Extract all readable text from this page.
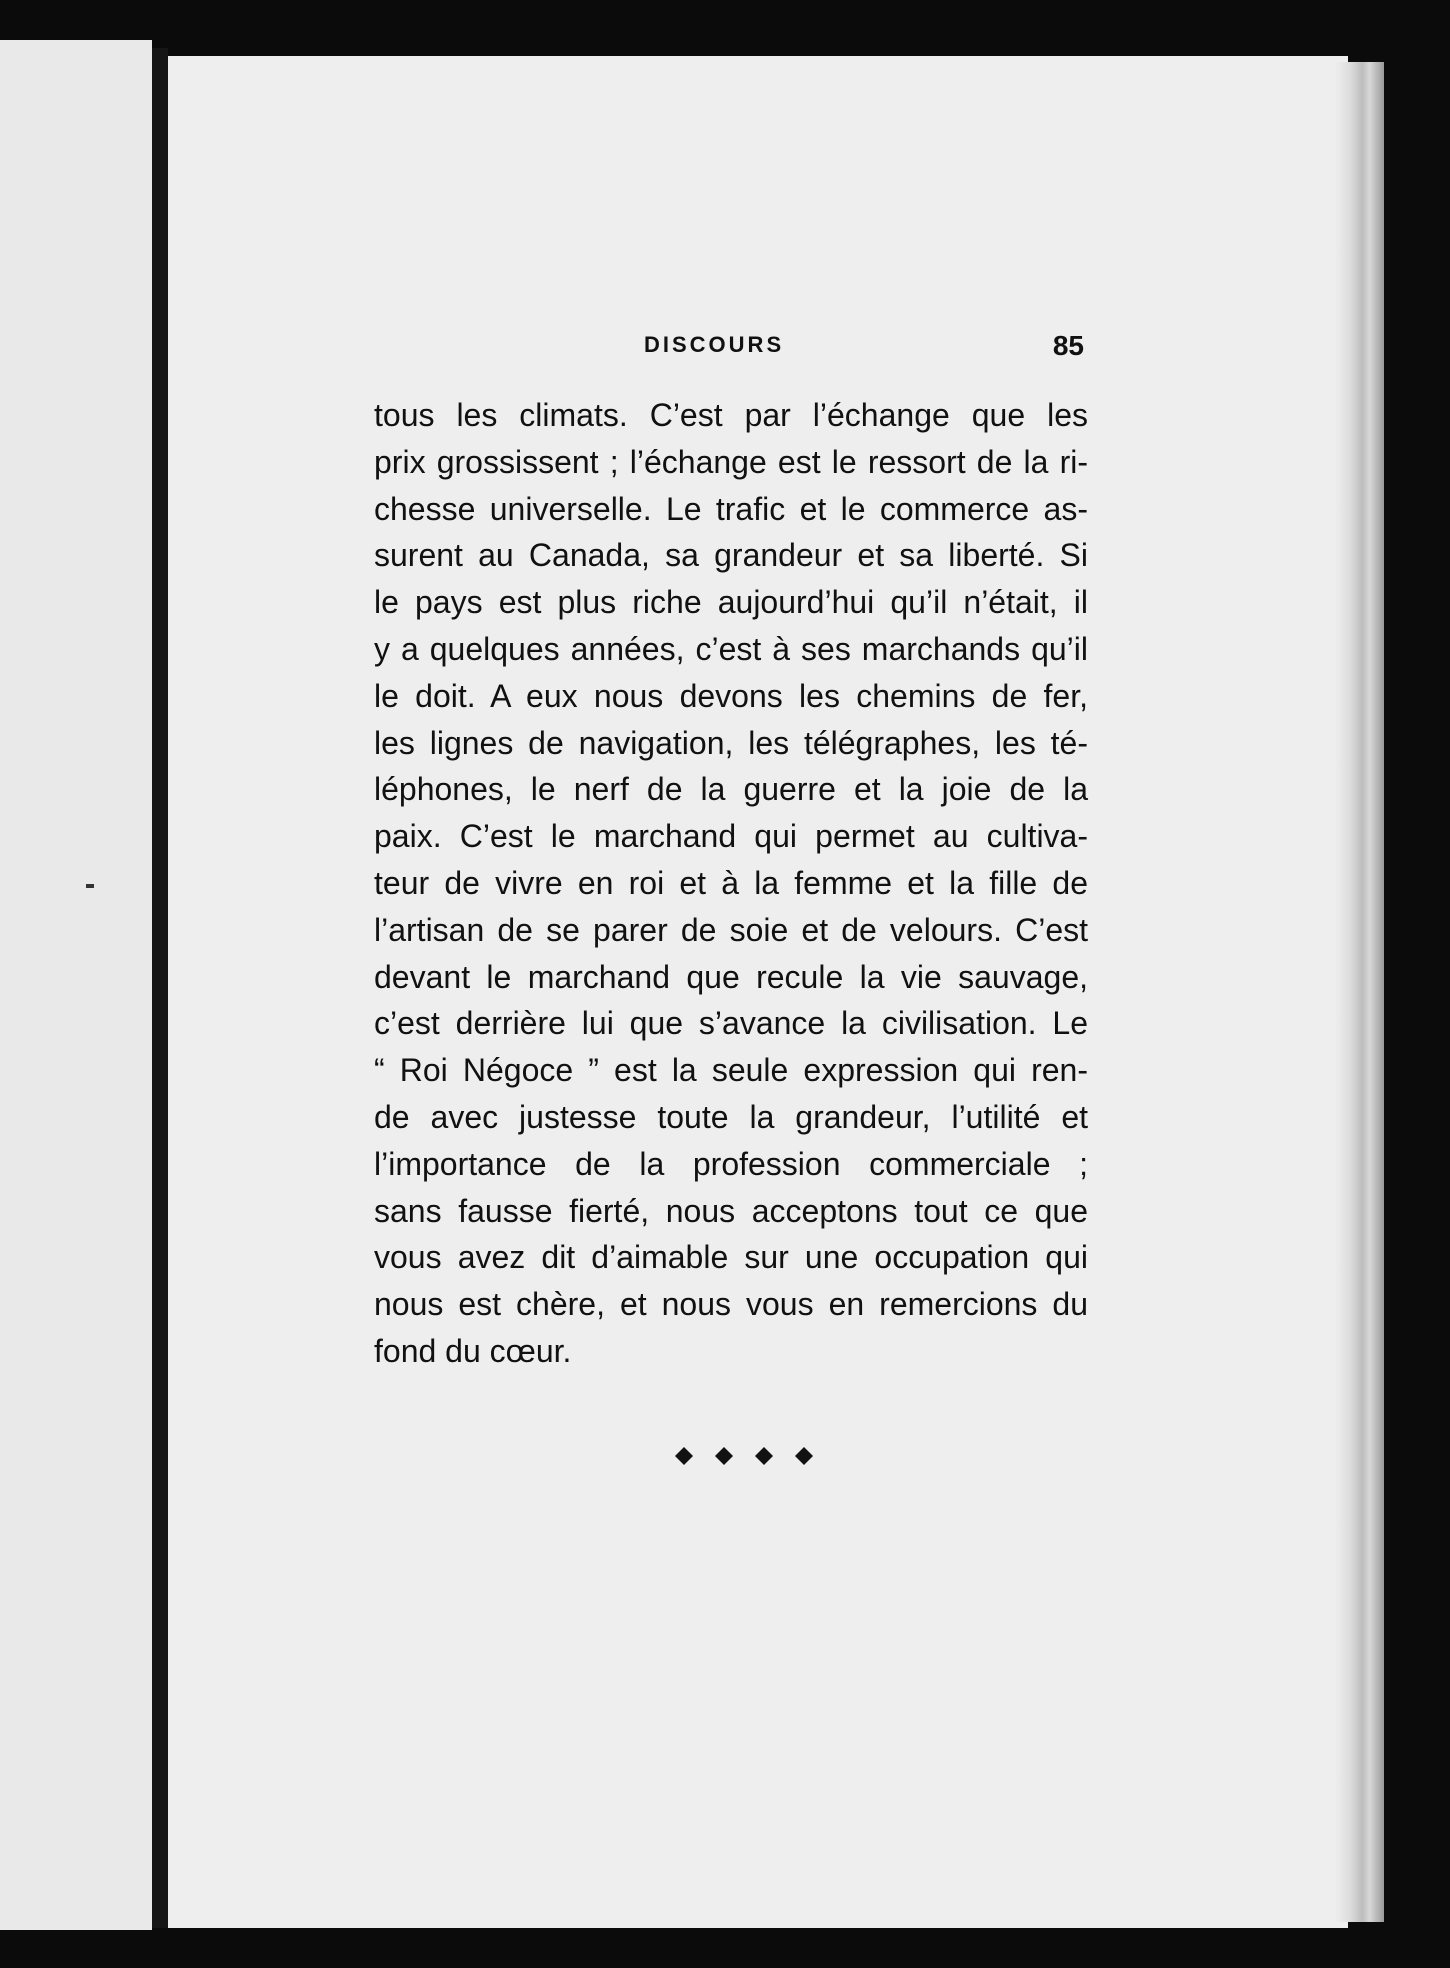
DISCOURS	85
tous les climats. C’est par l’échange que les
prix grossissent ; l’échange est le ressort de la ri-
chesse universelle. Le trafic et le commerce as-
surent au Canada, sa grandeur et sa liberté. Si
le pays est plus riche aujourd’hui qu’il n’était, il
y a quelques années, c’est à ses marchands qu’il
le doit. A eux nous devons les chemins de fer,
les lignes de navigation, les télégraphes, les té-
léphones, le nerf de la guerre et la joie de la
paix. C’est le marchand qui permet au cultiva-
teur de vivre en roi et à la femme et la fille de
l’artisan de se parer de soie et de velours. C’est
devant le marchand que recule la vie sauvage,
c’est derrière lui que s’avance la civilisation. Le
“ Roi Négoce ” est la seule expression qui ren-
de avec justesse toute la grandeur, l’utilité et
l’importance de la profession commerciale ;
sans fausse fierté, nous acceptons tout ce que
vous avez dit d’aimable sur une occupation qui
nous est chère, et nous vous en remercions du
fond du cœur.
